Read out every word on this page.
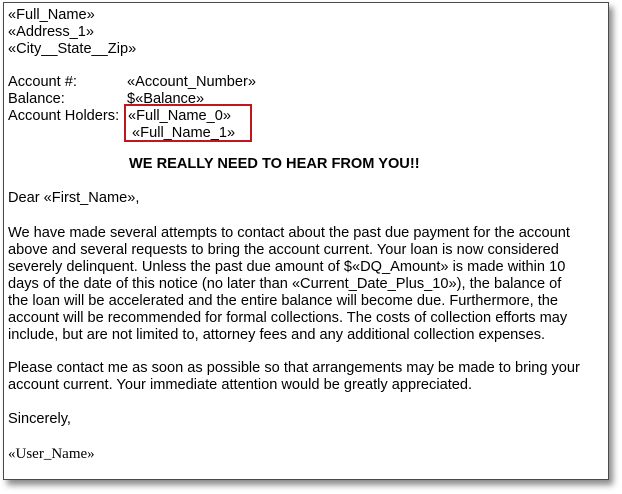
«Full_Name»
«Address_1»
«City__State__Zip»
Account #:	«Account_Number»
Balance:	$«Balance»
Account Holders: «Full_Name_0»
«Full_Name_1»
WE REALLY NEED TO HEAR FROM YOU!!
Dear «First_Name»,
We have made several attempts to contact about the past due payment for the account
above and several requests to bring the account current. Your loan is now considered
severely delinquent. Unless the past due amount of $«DQ_Amount» is made within 10
days of the date of this notice (no later than «Current_Date_Plus_10»), the balance of
the loan will be accelerated and the entire balance will become due. Furthermore, the
account will be recommended for formal collections. The costs of collection efforts may
include, but are not limited to, attorney fees and any additional collection expenses.
Please contact me as soon as possible so that arrangements may be made to bring your
account current. Your immediate attention would be greatly appreciated.
Sincerely,
«User_Name»
